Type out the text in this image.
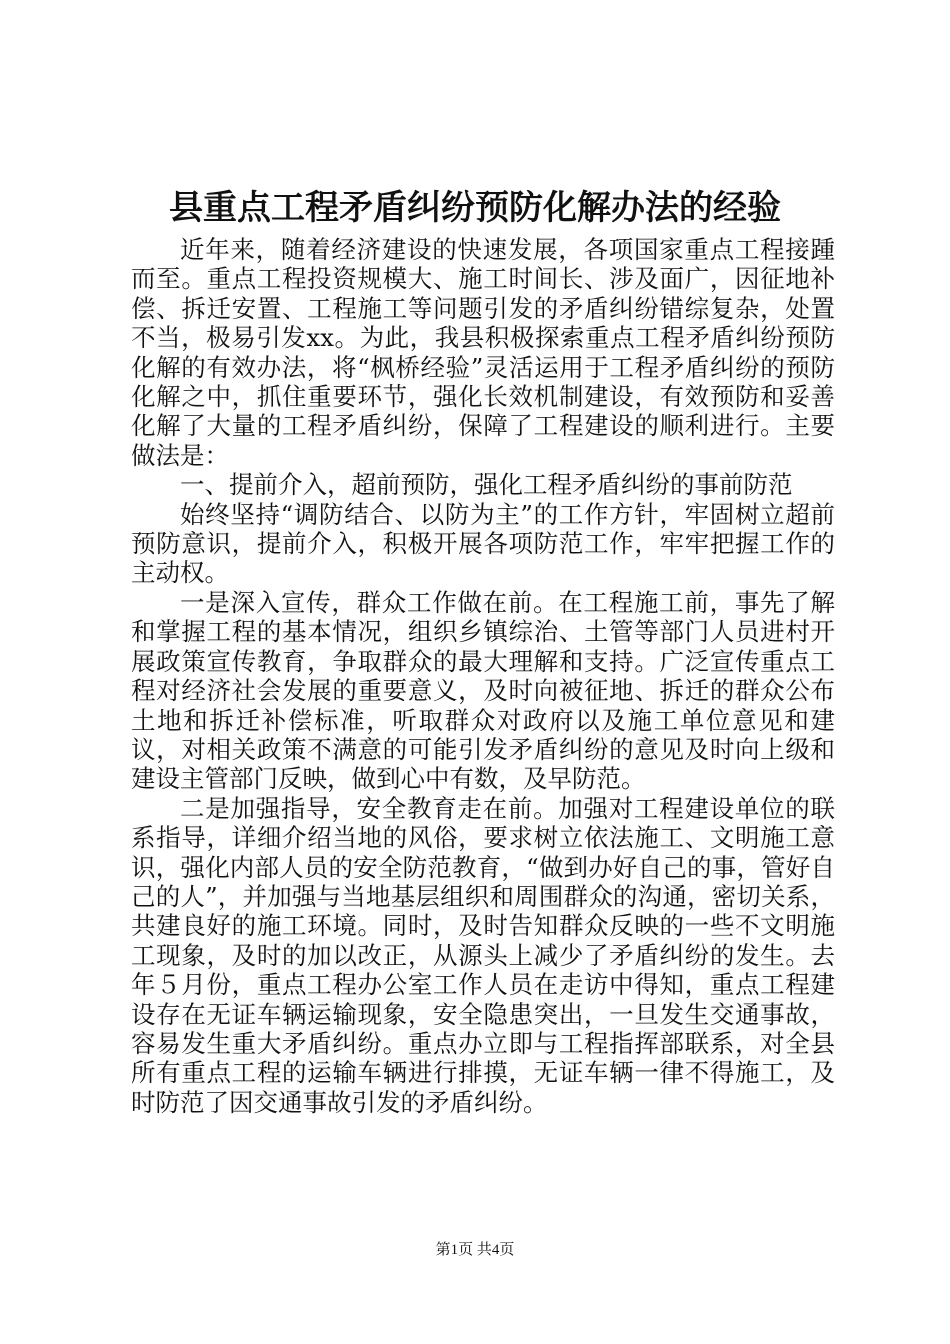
县重点工程矛盾纠纷预防化解办法的经验

近年来，随着经济建设的快速发展，各项国家重点工程接踵而至。重点工程投资规模大、施工时间长、涉及面广，因征地补偿、拆迁安置、工程施工等问题引发的矛盾纠纷错综复杂，处置不当，极易引发xx。为此，我县积极探索重点工程矛盾纠纷预防化解的有效办法，将“枫桥经验”灵活运用于工程矛盾纠纷的预防化解之中，抓住重要环节，强化长效机制建设，有效预防和妥善化解了大量的工程矛盾纠纷，保障了工程建设的顺利进行。主要做法是：

一、提前介入，超前预防，强化工程矛盾纠纷的事前防范

始终坚持“调防结合、以防为主”的工作方针，牢固树立超前预防意识，提前介入，积极开展各项防范工作，牢牢把握工作的主动权。

一是深入宣传，群众工作做在前。在工程施工前，事先了解和掌握工程的基本情况，组织乡镇综治、土管等部门人员进村开展政策宣传教育，争取群众的最大理解和支持。广泛宣传重点工程对经济社会发展的重要意义，及时向被征地、拆迁的群众公布土地和拆迁补偿标准，听取群众对政府以及施工单位意见和建议，对相关政策不满意的可能引发矛盾纠纷的意见及时向上级和建设主管部门反映，做到心中有数，及早防范。

二是加强指导，安全教育走在前。加强对工程建设单位的联系指导，详细介绍当地的风俗，要求树立依法施工、文明施工意识，强化内部人员的安全防范教育，“做到办好自己的事，管好自己的人”，并加强与当地基层组织和周围群众的沟通，密切关系，共建良好的施工环境。同时，及时告知群众反映的一些不文明施工现象，及时的加以改正，从源头上减少了矛盾纠纷的发生。去年５月份，重点工程办公室工作人员在走访中得知，重点工程建设存在无证车辆运输现象，安全隐患突出，一旦发生交通事故，容易发生重大矛盾纠纷。重点办立即与工程指挥部联系，对全县所有重点工程的运输车辆进行排摸，无证车辆一律不得施工，及时防范了因交通事故引发的矛盾纠纷。

第1页 共4页
